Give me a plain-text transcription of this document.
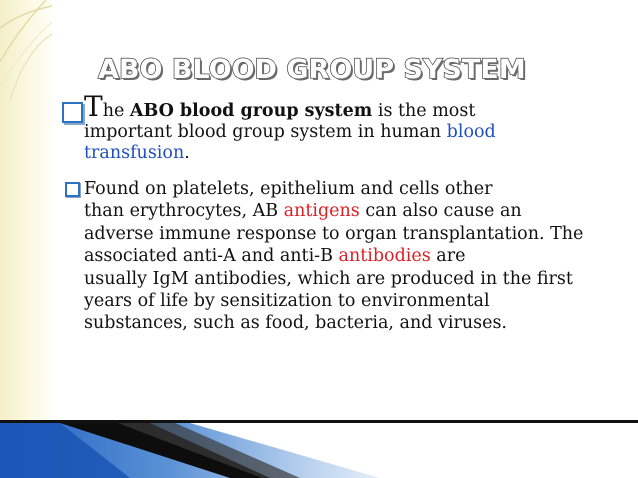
ABO BLOOD GROUP SYSTEM
The ABO blood group system is the most
important blood group system in human blood
transfusion.
Found on platelets, epithelium and cells other
than erythrocytes, AB antigens can also cause an
adverse immune response to organ transplantation. The
associated anti-A and anti-B antibodies are
usually IgM antibodies, which are produced in the first
years of life by sensitization to environmental
substances, such as food, bacteria, and viruses.
